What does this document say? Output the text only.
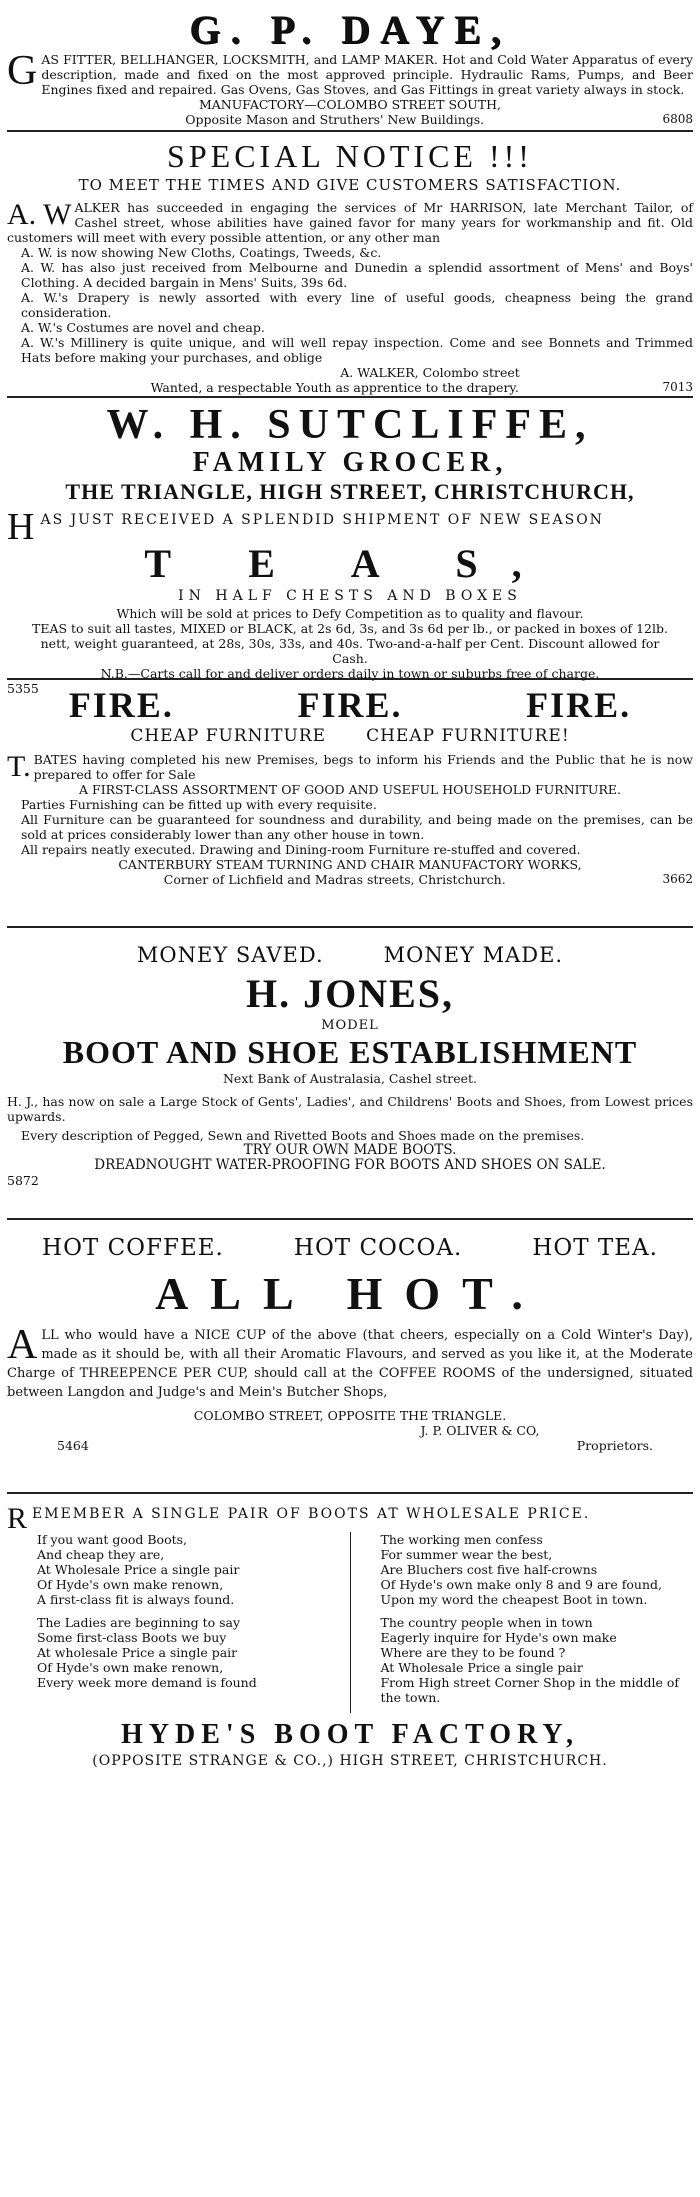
G. P. DAYE,
G AS FITTER, BELLHANGER, LOCKSMITH, and LAMP MAKER. Hot and Cold Water Apparatus of every description, made and fixed on the most approved principle. Hydraulic Rams, Pumps, and Beer Engines fixed and repaired. Gas Ovens, Gas Stoves, and Gas Fittings in great variety always in stock.

MANUFACTORY—COLOMBO STREET SOUTH,

Opposite Mason and Struthers' New Buildings.	6808

SPECIAL NOTICE !!!
TO MEET THE TIMES AND GIVE CUSTOMERS SATISFACTION.
A. W ALKER has succeeded in engaging the services of Mr HARRISON, late Merchant Tailor, of Cashel street, whose abilities have gained favor for many years for workmanship and fit. Old customers will meet with every possible attention, or any other man

A. W. is now showing New Cloths, Coatings, Tweeds, &c.

A. W. has also just received from Melbourne and Dunedin a splendid assortment of Mens' and Boys' Clothing. A decided bargain in Mens' Suits, 39s 6d.

A. W.'s Drapery is newly assorted with every line of useful goods, cheapness being the grand consideration.

A. W.'s Costumes are novel and cheap.

A. W.'s Millinery is quite unique, and will well repay inspection. Come and see Bonnets and Trimmed Hats before making your purchases, and oblige

A. WALKER, Colombo street

Wanted, a respectable Youth as apprentice to the drapery.	7013

W. H. SUTCLIFFE,
FAMILY GROCER,
THE TRIANGLE, HIGH STREET, CHRISTCHURCH,
H AS JUST RECEIVED A SPLENDID SHIPMENT OF NEW SEASON
T E A S,
IN HALF CHESTS AND BOXES

Which will be sold at prices to Defy Competition as to quality and flavour.

TEAS to suit all tastes, MIXED or BLACK, at 2s 6d, 3s, and 3s 6d per lb., or packed in boxes of 12lb. nett, weight guaranteed, at 28s, 30s, 33s, and 40s. Two-and-a-half per Cent. Discount allowed for Cash.

N.B.—Carts call for and deliver orders daily in town or suburbs free of charge.

5355 FIRE.	FIRE.	FIRE.
CHEAP FURNITURE CHEAP FURNITURE!
T. BATES having completed his new Premises, begs to inform his Friends and the Public that he is now prepared to offer for Sale

A FIRST-CLASS ASSORTMENT OF GOOD AND USEFUL HOUSEHOLD FURNITURE.

Parties Furnishing can be fitted up with every requisite.

All Furniture can be guaranteed for soundness and durability, and being made on the premises, can be sold at prices considerably lower than any other house in town.

All repairs neatly executed. Drawing and Dining-room Furniture re-stuffed and covered.

CANTERBURY STEAM TURNING AND CHAIR MANUFACTORY WORKS,

Corner of Lichfield and Madras streets, Christchurch.	3662

MONEY SAVED.	MONEY MADE.
H. JONES,
MODEL
BOOT AND SHOE ESTABLISHMENT

Next Bank of Australasia, Cashel street.

H. J., has now on sale a Large Stock of Gents', Ladies', and Childrens' Boots and Shoes, from Lowest prices upwards.

Every description of Pegged, Sewn and Rivetted Boots and Shoes made on the premises.

TRY OUR OWN MADE BOOTS.

DREADNOUGHT WATER-PROOFING FOR BOOTS AND SHOES ON SALE.

5872

HOT COFFEE.	HOT COCOA.	HOT TEA.
ALL HOT.
A LL who would have a NICE CUP of the above (that cheers, especially on a Cold Winter's Day), made as it should be, with all their Aromatic Flavours, and served as you like it, at the Moderate Charge of THREEPENCE PER CUP, should call at the COFFEE ROOMS of the undersigned, situated between Langdon and Judge's and Mein's Butcher Shops,

COLOMBO STREET, OPPOSITE THE TRIANGLE.

J. P. OLIVER & CO,

5464	Proprietors.

R EMEMBER A SINGLE PAIR OF BOOTS AT WHOLESALE PRICE.
If you want good Boots,
And cheap they are,
At Wholesale Price a single pair
Of Hyde's own make renown,
A first-class fit is always found.
The Ladies are beginning to say
Some first-class Boots we buy
At wholesale Price a single pair
Of Hyde's own make renown,
Every week more demand is found
The working men confess
For summer wear the best,
Are Bluchers cost five half-crowns
Of Hyde's own make only 8 and 9 are found,
Upon my word the cheapest Boot in town.
The country people when in town
Eagerly inquire for Hyde's own make
Where are they to be found ?
At Wholesale Price a single pair
From High street Corner Shop in the middle of the town.
HYDE'S BOOT FACTORY,
(OPPOSITE STRANGE & CO.,) HIGH STREET, CHRISTCHURCH.
